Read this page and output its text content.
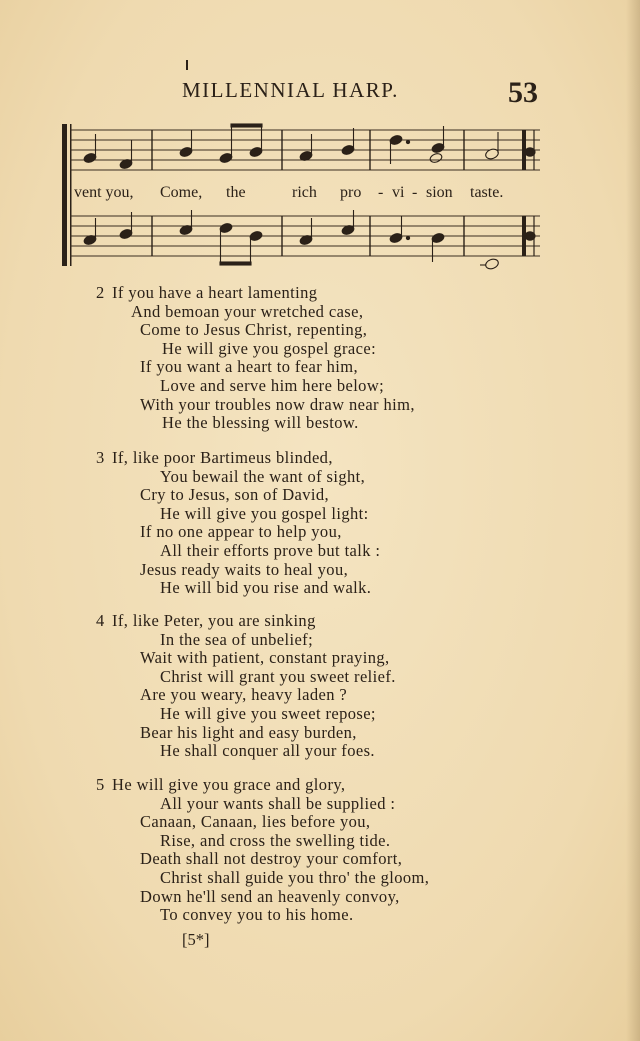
MILLENNIAL HARP.	53
vent you, Come, the	rich pro - vi - sion taste.
2 If you have a heart lamenting
And bemoan your wretched case,
Come to Jesus Christ, repenting,
He will give you gospel grace:
If you want a heart to fear him,
Love and serve him here below;
With your troubles now draw near him,
He the blessing will bestow.
3 If, like poor Bartimeus blinded,
You bewail the want of sight,
Cry to Jesus, son of David,
He will give you gospel light:
If no one appear to help you,
All their efforts prove but talk :
Jesus ready waits to heal you,
He will bid you rise and walk.
4 If, like Peter, you are sinking
In the sea of unbelief;
Wait with patient, constant praying,
Christ will grant you sweet relief.
Are you weary, heavy laden ?
He will give you sweet repose;
Bear his light and easy burden,
He shall conquer all your foes.
5 He will give you grace and glory,
All your wants shall be supplied :
Canaan, Canaan, lies before you,
Rise, and cross the swelling tide.
Death shall not destroy your comfort,
Christ shall guide you thro' the gloom,
Down he'll send an heavenly convoy,
To convey you to his home.
[5*]
